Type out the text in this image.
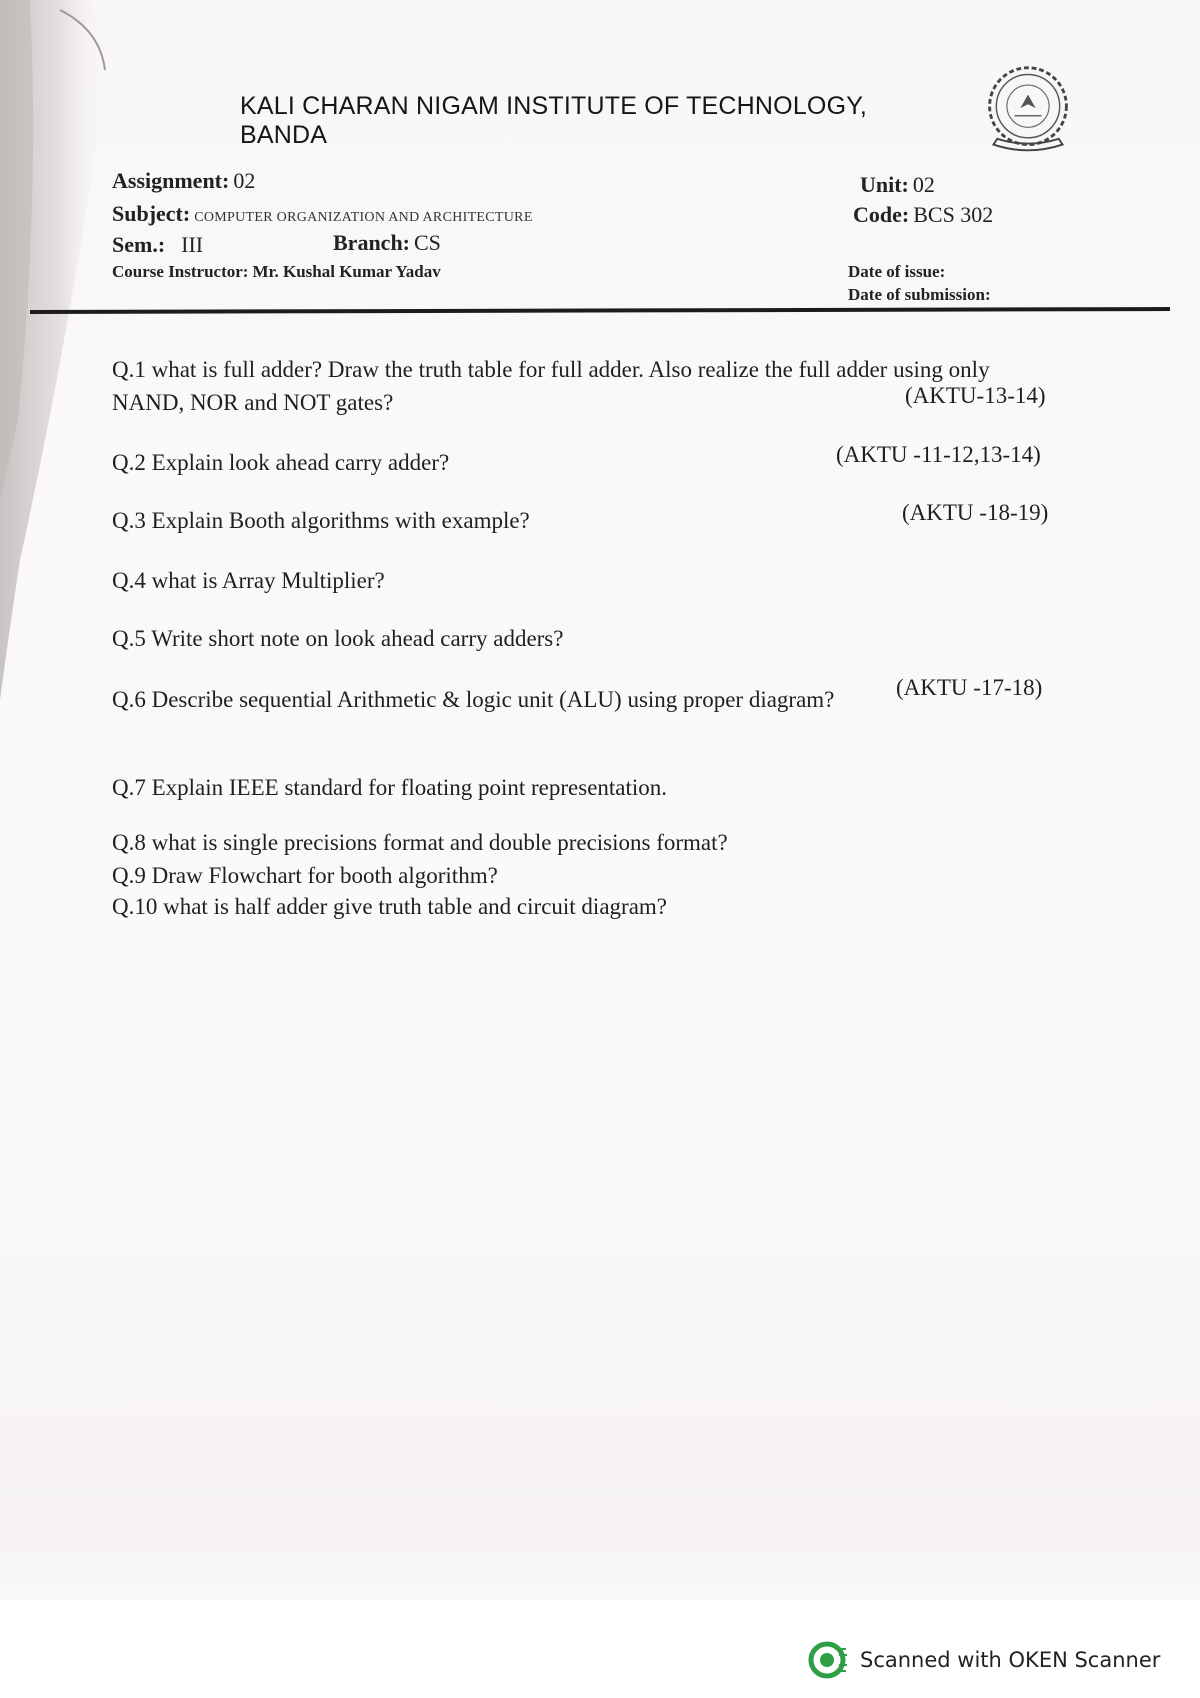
KALI CHARAN NIGAM INSTITUTE OF TECHNOLOGY, BANDA
Assignment: 02
Subject: COMPUTER ORGANIZATION AND ARCHITECTURE
Sem.: III	Branch: CS
Course Instructor: Mr. Kushal Kumar Yadav
Unit: 02
Code: BCS 302
Date of issue:
Date of submission:
Q.1 what is full adder? Draw the truth table for full adder. Also realize the full adder using only
NAND, NOR and NOT gates?	(AKTU-13-14)
Q.2 Explain look ahead carry adder?	(AKTU -11-12,13-14)
Q.3 Explain Booth algorithms with example?	(AKTU -18-19)
Q.4 what is Array Multiplier?
Q.5 Write short note on look ahead carry adders?
Q.6 Describe sequential Arithmetic & logic unit (ALU) using proper diagram?	(AKTU -17-18)
Q.7 Explain IEEE standard for floating point representation.
Q.8 what is single precisions format and double precisions format?
Q.9 Draw Flowchart for booth algorithm?
Q.10 what is half adder give truth table and circuit diagram?
Scanned with OKEN Scanner
